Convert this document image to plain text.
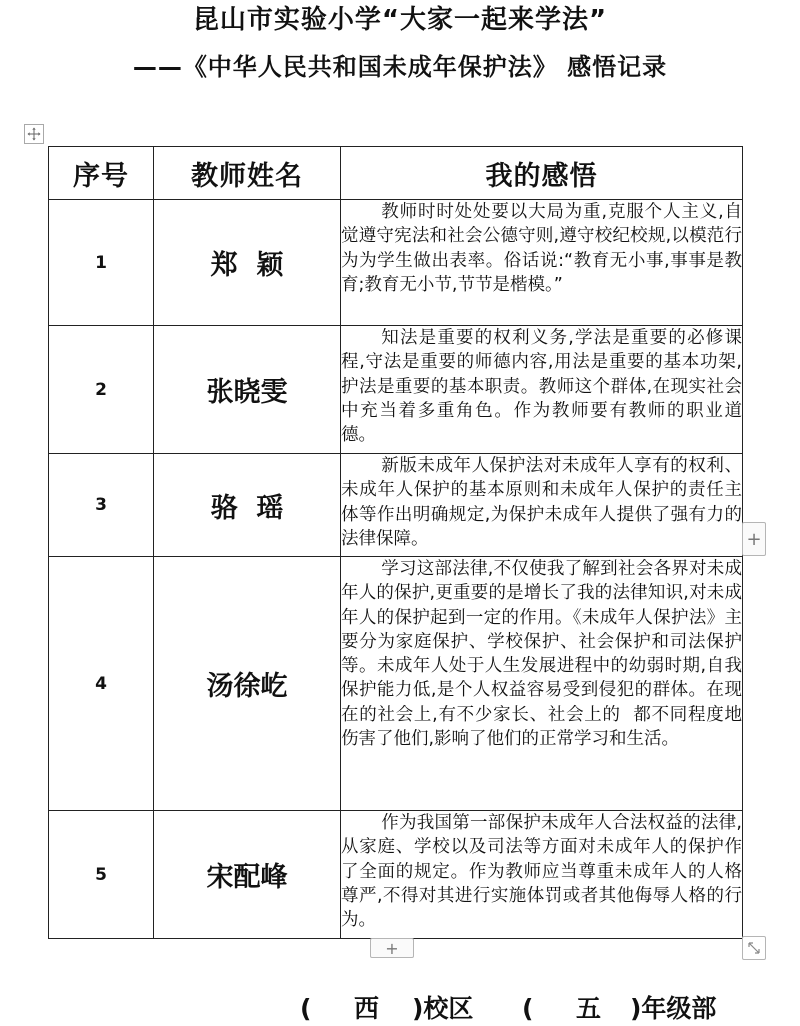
昆山市实验小学“大家一起来学法”
——《中华人民共和国未成年保护法》 感悟记录
序号	教师姓名	我的感悟
1	郑  颖	教师时时处处要以大局为重,克服个人主义,自觉遵守宪法和社会公德守则,遵守校纪校规,以模范行为为学生做出表率。俗话说:“教育无小事,事事是教育;教育无小节,节节是楷模。”
2	张晓雯	知法是重要的权利义务,学法是重要的必修课程,守法是重要的师德内容,用法是重要的基本功架,护法是重要的基本职责。教师这个群体,在现实社会中充当着多重角色。作为教师要有教师的职业道德。
3	骆  瑶	新版未成年人保护法对未成年人享有的权利、未成年人保护的基本原则和未成年人保护的责任主体等作出明确规定,为保护未成年人提供了强有力的法律保障。
4	汤徐屹	学习这部法律,不仅使我了解到社会各界对未成年人的保护,更重要的是增长了我的法律知识,对未成年人的保护起到一定的作用。《未成年人保护法》主要分为家庭保护、学校保护、社会保护和司法保护等。未成年人处于人生发展进程中的幼弱时期,自我保护能力低,是个人权益容易受到侵犯的群体。在现在的社会上,有不少家长、社会上的  都不同程度地伤害了他们,影响了他们的正常学习和生活。
5	宋配峰	作为我国第一部保护未成年人合法权益的法律,从家庭、学校以及司法等方面对未成年人的保护作了全面的规定。作为教师应当尊重未成年人的人格尊严,不得对其进行实施体罚或者其他侮辱人格的行为。
+
+
( 西 )校区 ( 五 )年级部
